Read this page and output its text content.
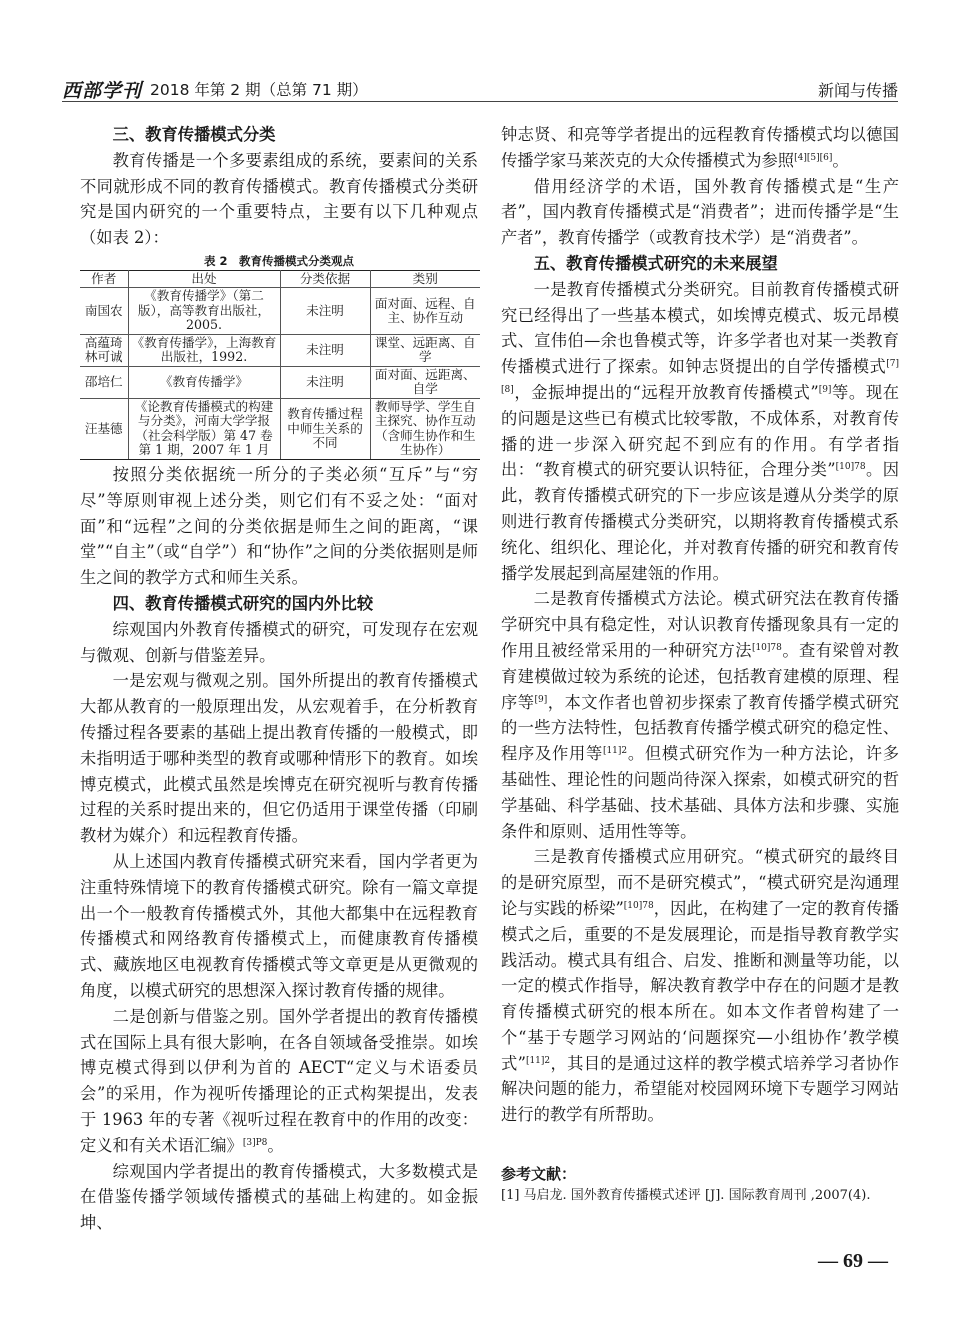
西部学刊 2018 年第 2 期（总第 71 期）	新闻与传播
三、教育传播模式分类

教育传播是一个多要素组成的系统，要素间的关系不同就形成不同的教育传播模式。教育传播模式分类研究是国内研究的一个重要特点，主要有以下几种观点（如表 2）：

表 2　教育传播模式分类观点
作者	出处	分类依据	类别
南国农	《教育传播学》（第二版），高等教育出版社，2005.	未注明	面对面、远程、自主、协作互动
高蕴琦
林可诚	《教育传播学》，上海教育出版社，1992.	未注明	课堂、远距离、自学
邵培仁	《教育传播学》	未注明	面对面、远距离、自学
汪基德	《论教育传播模式的构建与分类》，河南大学学报（社会科学版）第 47 卷第 1 期，2007 年 1 月	教育传播过程中师生关系的不同	教师导学、学生自主探究、协作互动（含师生协作和生生协作）

按照分类依据统一所分的子类必须“互斥”与“穷尽”等原则审视上述分类，则它们有不妥之处：“面对面”和“远程”之间的分类依据是师生之间的距离，“课堂”“自主”（或“自学”）和“协作”之间的分类依据则是师生之间的教学方式和师生关系。

四、教育传播模式研究的国内外比较

综观国内外教育传播模式的研究，可发现存在宏观与微观、创新与借鉴差异。

一是宏观与微观之别。国外所提出的教育传播模式大都从教育的一般原理出发，从宏观着手，在分析教育传播过程各要素的基础上提出教育传播的一般模式，即未指明适于哪种类型的教育或哪种情形下的教育。如埃博克模式，此模式虽然是埃博克在研究视听与教育传播过程的关系时提出来的，但它仍适用于课堂传播（印刷教材为媒介）和远程教育传播。

从上述国内教育传播模式研究来看，国内学者更为注重特殊情境下的教育传播模式研究。除有一篇文章提出一个一般教育传播模式外，其他大都集中在远程教育传播模式和网络教育传播模式上，而健康教育传播模式、藏族地区电视教育传播模式等文章更是从更微观的角度，以模式研究的思想深入探讨教育传播的规律。

二是创新与借鉴之别。国外学者提出的教育传播模式在国际上具有很大影响，在各自领域备受推崇。如埃博克模式得到以伊利为首的 AECT“定义与术语委员会”的采用，作为视听传播理论的正式构架提出，发表于 1963 年的专著《视听过程在教育中的作用的改变：定义和有关术语汇编》$^{[3]P8}$。

综观国内学者提出的教育传播模式，大多数模式是在借鉴传播学领域传播模式的基础上构建的。如金振坤、

钟志贤、和亮等学者提出的远程教育传播模式均以德国传播学家马莱茨克的大众传播模式为参照[4][5][6]。

借用经济学的术语，国外教育传播模式是“生产者”，国内教育传播模式是“消费者”；进而传播学是“生产者”，教育传播学（或教育技术学）是“消费者”。

五、教育传播模式研究的未来展望

一是教育传播模式分类研究。目前教育传播模式研究已经得出了一些基本模式，如埃博克模式、坂元昂模式、宣伟伯—余也鲁模式等，许多学者也对某一类教育传播模式进行了探索。如钟志贤提出的自学传播模式[7][8]，金振坤提出的“远程开放教育传播模式”[9]等。现在的问题是这些已有模式比较零散，不成体系，对教育传播的进一步深入研究起不到应有的作用。有学者指出：“教育模式的研究要认识特征，合理分类”$^{[10]78}$。因此，教育传播模式研究的下一步应该是遵从分类学的原则进行教育传播模式分类研究，以期将教育传播模式系统化、组织化、理论化，并对教育传播的研究和教育传播学发展起到高屋建瓴的作用。

二是教育传播模式方法论。模式研究法在教育传播学研究中具有稳定性，对认识教育传播现象具有一定的作用且被经常采用的一种研究方法$^{[10]78}$。查有梁曾对教育建模做过较为系统的论述，包括教育建模的原理、程序等[9]，本文作者也曾初步探索了教育传播学模式研究的一些方法特性，包括教育传播学模式研究的稳定性、程序及作用等$^{[11]2}$。但模式研究作为一种方法论，许多基础性、理论性的问题尚待深入探索，如模式研究的哲学基础、科学基础、技术基础、具体方法和步骤、实施条件和原则、适用性等等。

三是教育传播模式应用研究。“模式研究的最终目的是研究原型，而不是研究模式”，“模式研究是沟通理论与实践的桥梁”$^{[10]78}$，因此，在构建了一定的教育传播模式之后，重要的不是发展理论，而是指导教育教学实践活动。模式具有组合、启发、推断和测量等功能，以一定的模式作指导，解决教育教学中存在的问题才是教育传播模式研究的根本所在。如本文作者曾构建了一个“基于专题学习网站的‘问题探究—小组协作’教学模式”$^{[11]2}$，其目的是通过这样的教学模式培养学习者协作解决问题的能力，希望能对校园网环境下专题学习网站进行的教学有所帮助。

参考文献：
[1] 马启龙. 国外教育传播模式述评 [J]. 国际教育周刊 ,2007(4).
— 69 —
